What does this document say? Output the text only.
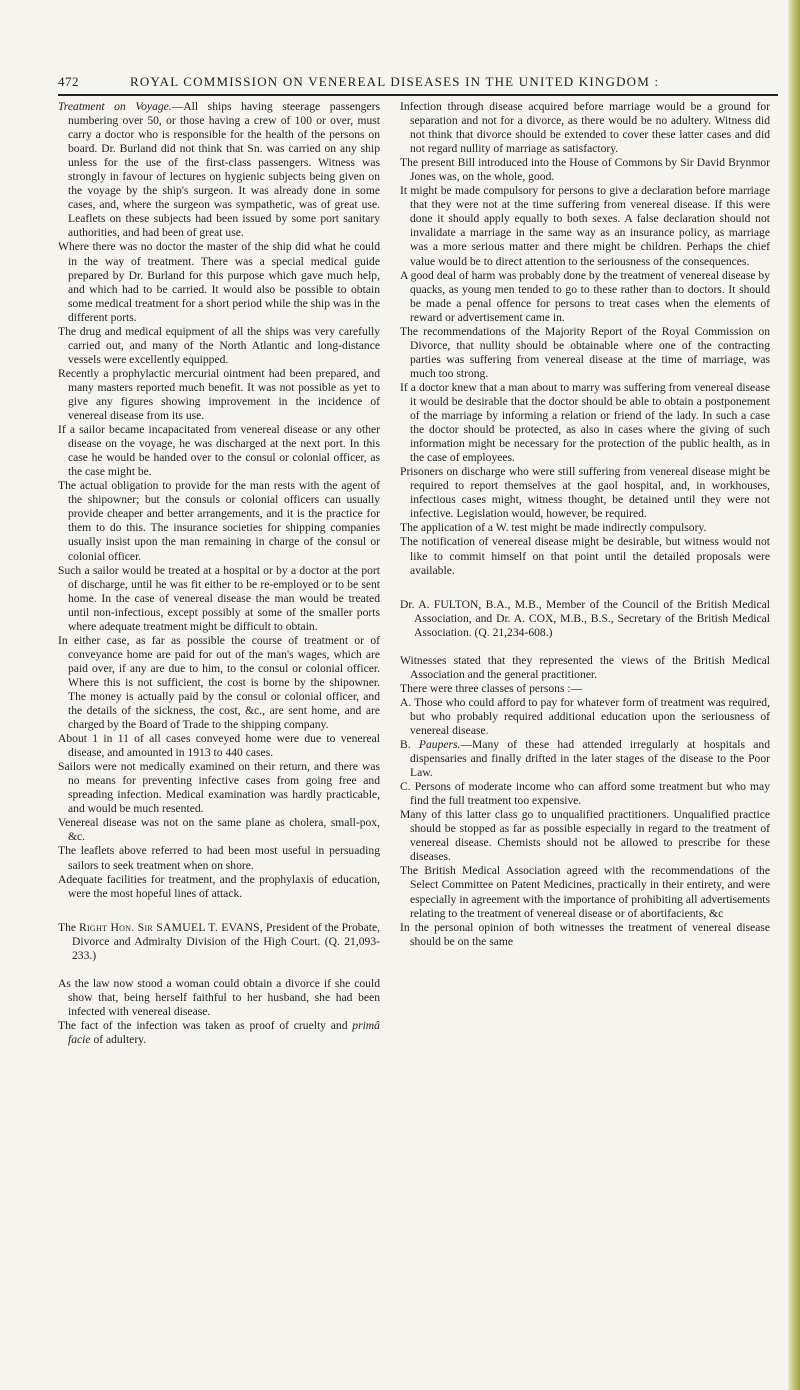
472	ROYAL COMMISSION ON VENEREAL DISEASES IN THE UNITED KINGDOM :

Treatment on Voyage.—All ships having steerage passengers numbering over 50, or those having a crew of 100 or over, must carry a doctor who is responsible for the health of the persons on board. Dr. Burland did not think that Sn. was carried on any ship unless for the use of the first-class passengers. Witness was strongly in favour of lectures on hygienic subjects being given on the voyage by the ship's surgeon. It was already done in some cases, and, where the surgeon was sympathetic, was of great use. Leaflets on these subjects had been issued by some port sanitary authorities, and had been of great use.

Where there was no doctor the master of the ship did what he could in the way of treatment. There was a special medical guide prepared by Dr. Burland for this purpose which gave much help, and which had to be carried. It would also be possible to obtain some medical treatment for a short period while the ship was in the different ports.

The drug and medical equipment of all the ships was very carefully carried out, and many of the North Atlantic and long-distance vessels were excellently equipped.

Recently a prophylactic mercurial ointment had been prepared, and many masters reported much benefit. It was not possible as yet to give any figures showing improvement in the incidence of venereal disease from its use.

If a sailor became incapacitated from venereal disease or any other disease on the voyage, he was discharged at the next port. In this case he would be handed over to the consul or colonial officer, as the case might be.

The actual obligation to provide for the man rests with the agent of the shipowner; but the consuls or colonial officers can usually provide cheaper and better arrangements, and it is the practice for them to do this. The insurance societies for shipping companies usually insist upon the man remaining in charge of the consul or colonial officer.

Such a sailor would be treated at a hospital or by a doctor at the port of discharge, until he was fit either to be re-employed or to be sent home. In the case of venereal disease the man would be treated until non-infectious, except possibly at some of the smaller ports where adequate treatment might be difficult to obtain.

In either case, as far as possible the course of treatment or of conveyance home are paid for out of the man's wages, which are paid over, if any are due to him, to the consul or colonial officer. Where this is not sufficient, the cost is borne by the shipowner. The money is actually paid by the consul or colonial officer, and the details of the sickness, the cost, &c., are sent home, and are charged by the Board of Trade to the shipping company.

About 1 in 11 of all cases conveyed home were due to venereal disease, and amounted in 1913 to 440 cases.

Sailors were not medically examined on their return, and there was no means for preventing infective cases from going free and spreading infection. Medical examination was hardly practicable, and would be much resented.

Venereal disease was not on the same plane as cholera, small-pox, &c.

The leaflets above referred to had been most useful in persuading sailors to seek treatment when on shore.

Adequate facilities for treatment, and the prophylaxis of education, were the most hopeful lines of attack.

The Right Hon. Sir SAMUEL T. EVANS, President of the Probate, Divorce and Admiralty Division of the High Court. (Q. 21,093-233.)

As the law now stood a woman could obtain a divorce if she could show that, being herself faithful to her husband, she had been infected with venereal disease.

The fact of the infection was taken as proof of cruelty and primâ facie of adultery.

Infection through disease acquired before marriage would be a ground for separation and not for a divorce, as there would be no adultery. Witness did not think that divorce should be extended to cover these latter cases and did not regard nullity of marriage as satisfactory.

The present Bill introduced into the House of Commons by Sir David Brynmor Jones was, on the whole, good.

It might be made compulsory for persons to give a declaration before marriage that they were not at the time suffering from venereal disease. If this were done it should apply equally to both sexes. A false declaration should not invalidate a marriage in the same way as an insurance policy, as marriage was a more serious matter and there might be children. Perhaps the chief value would be to direct attention to the seriousness of the consequences.

A good deal of harm was probably done by the treatment of venereal disease by quacks, as young men tended to go to these rather than to doctors. It should be made a penal offence for persons to treat cases when the elements of reward or advertisement came in.

The recommendations of the Majority Report of the Royal Commission on Divorce, that nullity should be obtainable where one of the contracting parties was suffering from venereal disease at the time of marriage, was much too strong.

If a doctor knew that a man about to marry was suffering from venereal disease it would be desirable that the doctor should be able to obtain a postponement of the marriage by informing a relation or friend of the lady. In such a case the doctor should be protected, as also in cases where the giving of such information might be necessary for the protection of the public health, as in the case of employees.

Prisoners on discharge who were still suffering from venereal disease might be required to report themselves at the gaol hospital, and, in workhouses, infectious cases might, witness thought, be detained until they were not infective. Legislation would, however, be required.

The application of a W. test might be made indirectly compulsory.

The notification of venereal disease might be desirable, but witness would not like to commit himself on that point until the detailed proposals were available.

Dr. A. FULTON, B.A., M.B., Member of the Council of the British Medical Association, and Dr. A. COX, M.B., B.S., Secretary of the British Medical Association. (Q. 21,234-608.)

Witnesses stated that they represented the views of the British Medical Association and the general practitioner.

There were three classes of persons :—

A. Those who could afford to pay for whatever form of treatment was required, but who probably required additional education upon the seriousness of venereal disease.

B. Paupers.—Many of these had attended irregularly at hospitals and dispensaries and finally drifted in the later stages of the disease to the Poor Law.

C. Persons of moderate income who can afford some treatment but who may find the full treatment too expensive.

Many of this latter class go to unqualified practitioners. Unqualified practice should be stopped as far as possible especially in regard to the treatment of venereal disease. Chemists should not be allowed to prescribe for these diseases.

The British Medical Association agreed with the recommendations of the Select Committee on Patent Medicines, practically in their entirety, and were especially in agreement with the importance of prohibiting all advertisements relating to the treatment of venereal disease or of abortifacients, &c

In the personal opinion of both witnesses the treatment of venereal disease should be on the same
